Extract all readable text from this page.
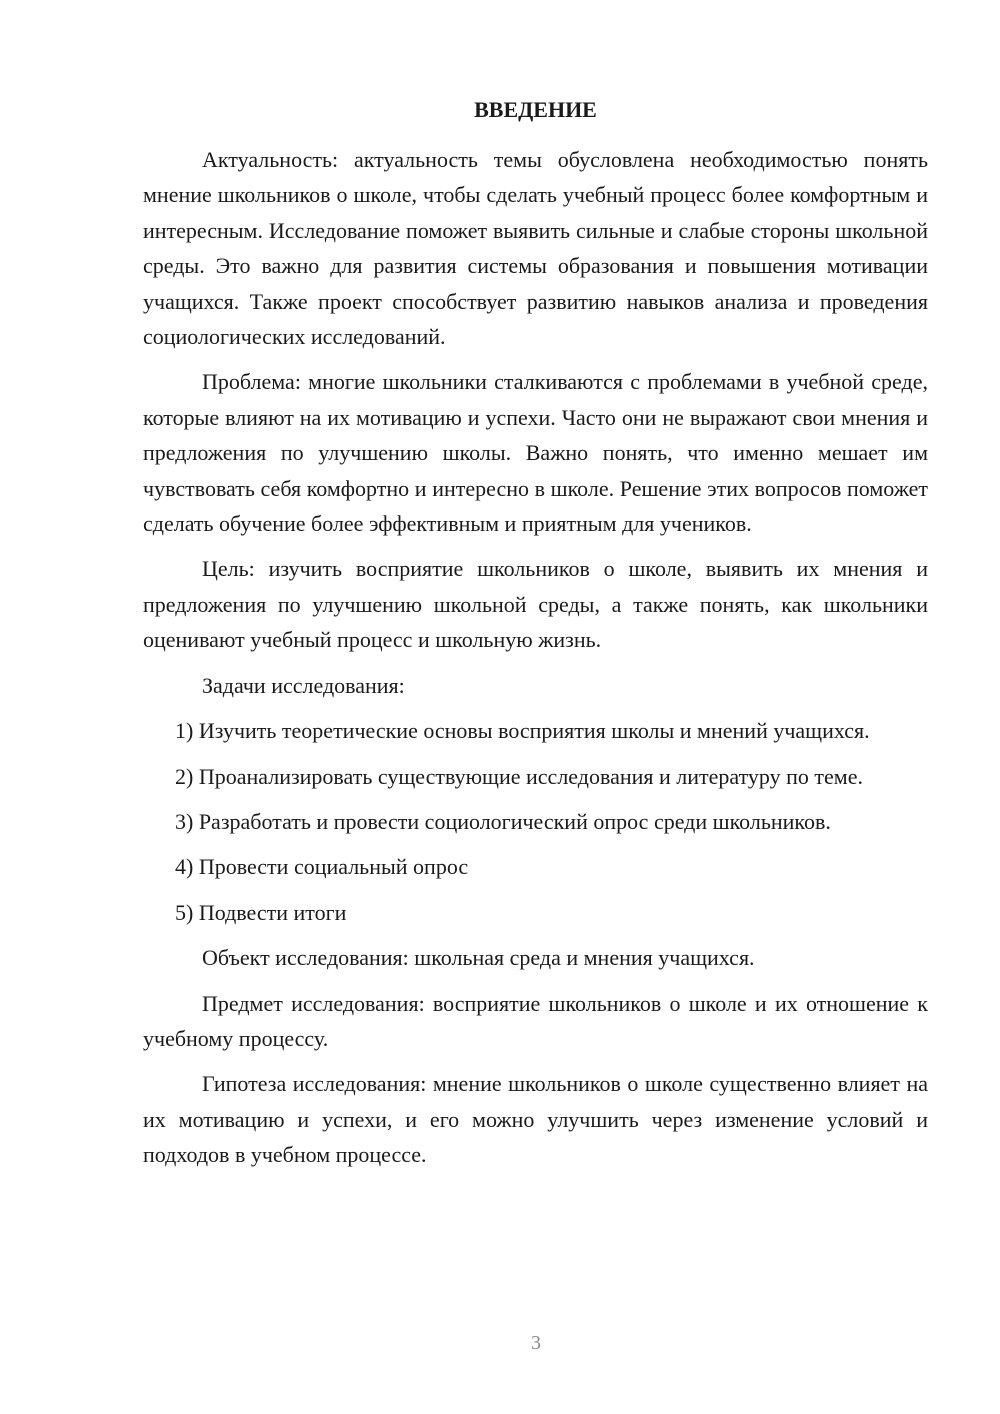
ВВЕДЕНИЕ

Актуальность: актуальность темы обусловлена необходимостью понять мнение школьников о школе, чтобы сделать учебный процесс более комфортным и интересным. Исследование поможет выявить сильные и слабые стороны школьной среды. Это важно для развития системы образования и повышения мотивации учащихся. Также проект способствует развитию навыков анализа и проведения социологических исследований.

Проблема: многие школьники сталкиваются с проблемами в учебной среде, которые влияют на их мотивацию и успехи. Часто они не выражают свои мнения и предложения по улучшению школы. Важно понять, что именно мешает им чувствовать себя комфортно и интересно в школе. Решение этих вопросов поможет сделать обучение более эффективным и приятным для учеников.

Цель: изучить восприятие школьников о школе, выявить их мнения и предложения по улучшению школьной среды, а также понять, как школьники оценивают учебный процесс и школьную жизнь.

Задачи исследования:

1) Изучить теоретические основы восприятия школы и мнений учащихся.

2) Проанализировать существующие исследования и литературу по теме.

3) Разработать и провести социологический опрос среди школьников.

4) Провести социальный опрос

5) Подвести итоги

Объект исследования: школьная среда и мнения учащихся.

Предмет исследования: восприятие школьников о школе и их отношение к учебному процессу.

Гипотеза исследования: мнение школьников о школе существенно влияет на их мотивацию и успехи, и его можно улучшить через изменение условий и подходов в учебном процессе.

3
